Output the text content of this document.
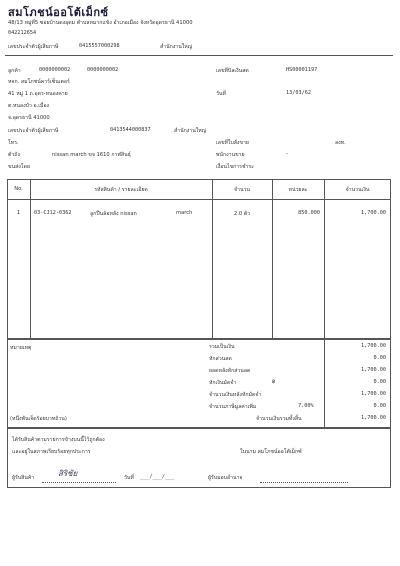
สมโภชน์ออโต้เม็กซ์
48/13 หมู่ที่5 ซอยบ้านดงอุดม ตำบลหมากแข้ง อำเภอเมือง จังหวัดอุดรธานี 41000
042212654
เลขประจำตัวผู้เสียภาษี	0415557000298	สำนักงานใหญ่
ลูกค้า	0000000002	0000000002
หจก. สมโภชน์คาร์เซ็นเตอร์
41 หมู่ 1 ถ.อุดร-หนองคาย
ต.หนองบัว อ.เมือง
จ.อุดรธานี 41000
เลขประจำตัวผู้เสียภาษี	0413544000837	สำนักงานใหญ่
โทร.
ตัวถัง	nissan march ขจ 1610 กาฬสินธุ์
ขนส่งโดย
เลขที่บิลเงินสด	HS00001197
วันที่	13/03/62
เลขที่ใบสั่งขาย	ลงท.
พนักงานขาย	-
เงื่อนไขการชำระ
No.	รหัสสินค้า / รายละเอียด	จำนวน	หน่วยละ	จำนวนเงิน
1	03-CJ12-0362	ลูกปืนล้อหลัง nissan	march	2.0 ตัว	850.000	1,700.00
หมายเหตุ	รวมเป็นเงิน	1,700.00
หักส่วนลด	0.00
ยอดหลังหักส่วนลด	1,700.00
หักเงินมัดจำ	฿	0.00
จำนวนเงินหลังหักมัดจำ	1,700.00
จำนวนภาษีมูลค่าเพิ่ม	7.00%	0.00
(หนึ่งพันเจ็ดร้อยบาทถ้วน)	จำนวนเงินรวมทั้งสิ้น	1,700.00
ได้รับสินค้าตามรายการข้างบนนี้ไว้ถูกต้อง
และอยู่ในสภาพเรียบร้อยทุกประการ	ในนาม สมโภชน์ออโต้เม็กซ์
ผู้รับสินค้า	สิริชัย	วันที่ ___/___/___	ผู้รับมอบอำนาจ
